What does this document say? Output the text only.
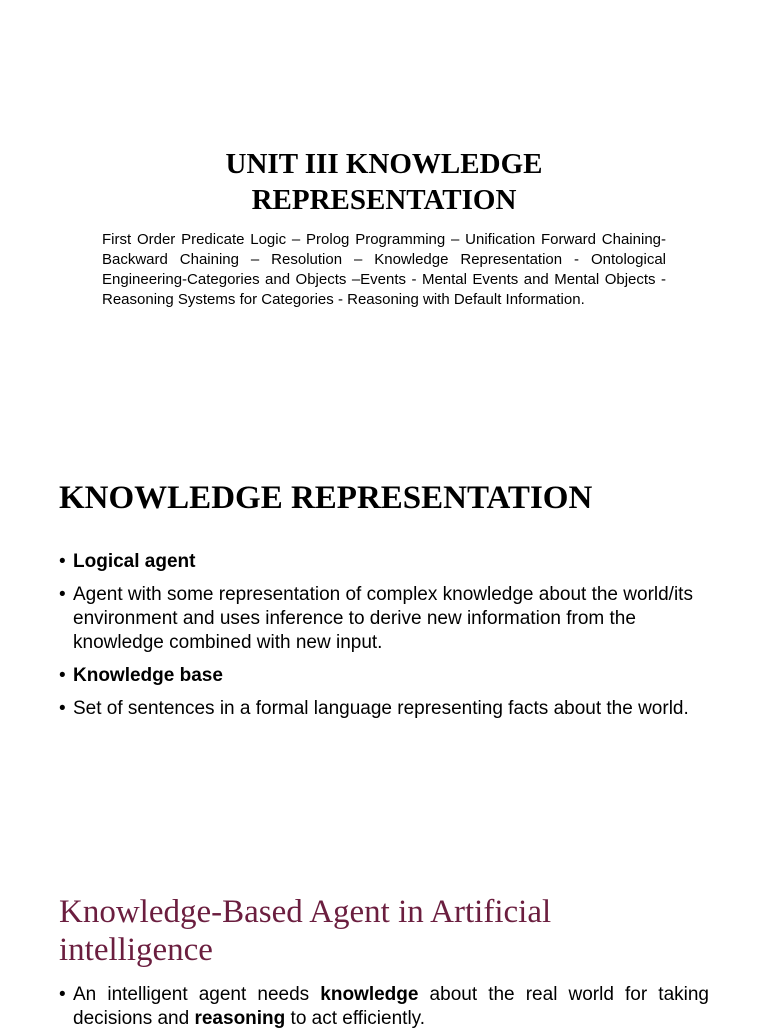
UNIT III KNOWLEDGE
REPRESENTATION
First Order Predicate Logic – Prolog Programming – Unification Forward Chaining-Backward Chaining – Resolution – Knowledge Representation - Ontological Engineering-Categories and Objects –Events - Mental Events and Mental Objects - Reasoning Systems for Categories - Reasoning with Default Information.
KNOWLEDGE REPRESENTATION
• Logical agent
• Agent with some representation of complex knowledge about the world/its environment and uses inference to derive new information from the knowledge combined with new input.
• Knowledge base
• Set of sentences in a formal language representing facts about the world.
Knowledge-Based Agent in Artificial
intelligence

• An intelligent agent needs knowledge about the real world for taking decisions and reasoning to act efficiently.
